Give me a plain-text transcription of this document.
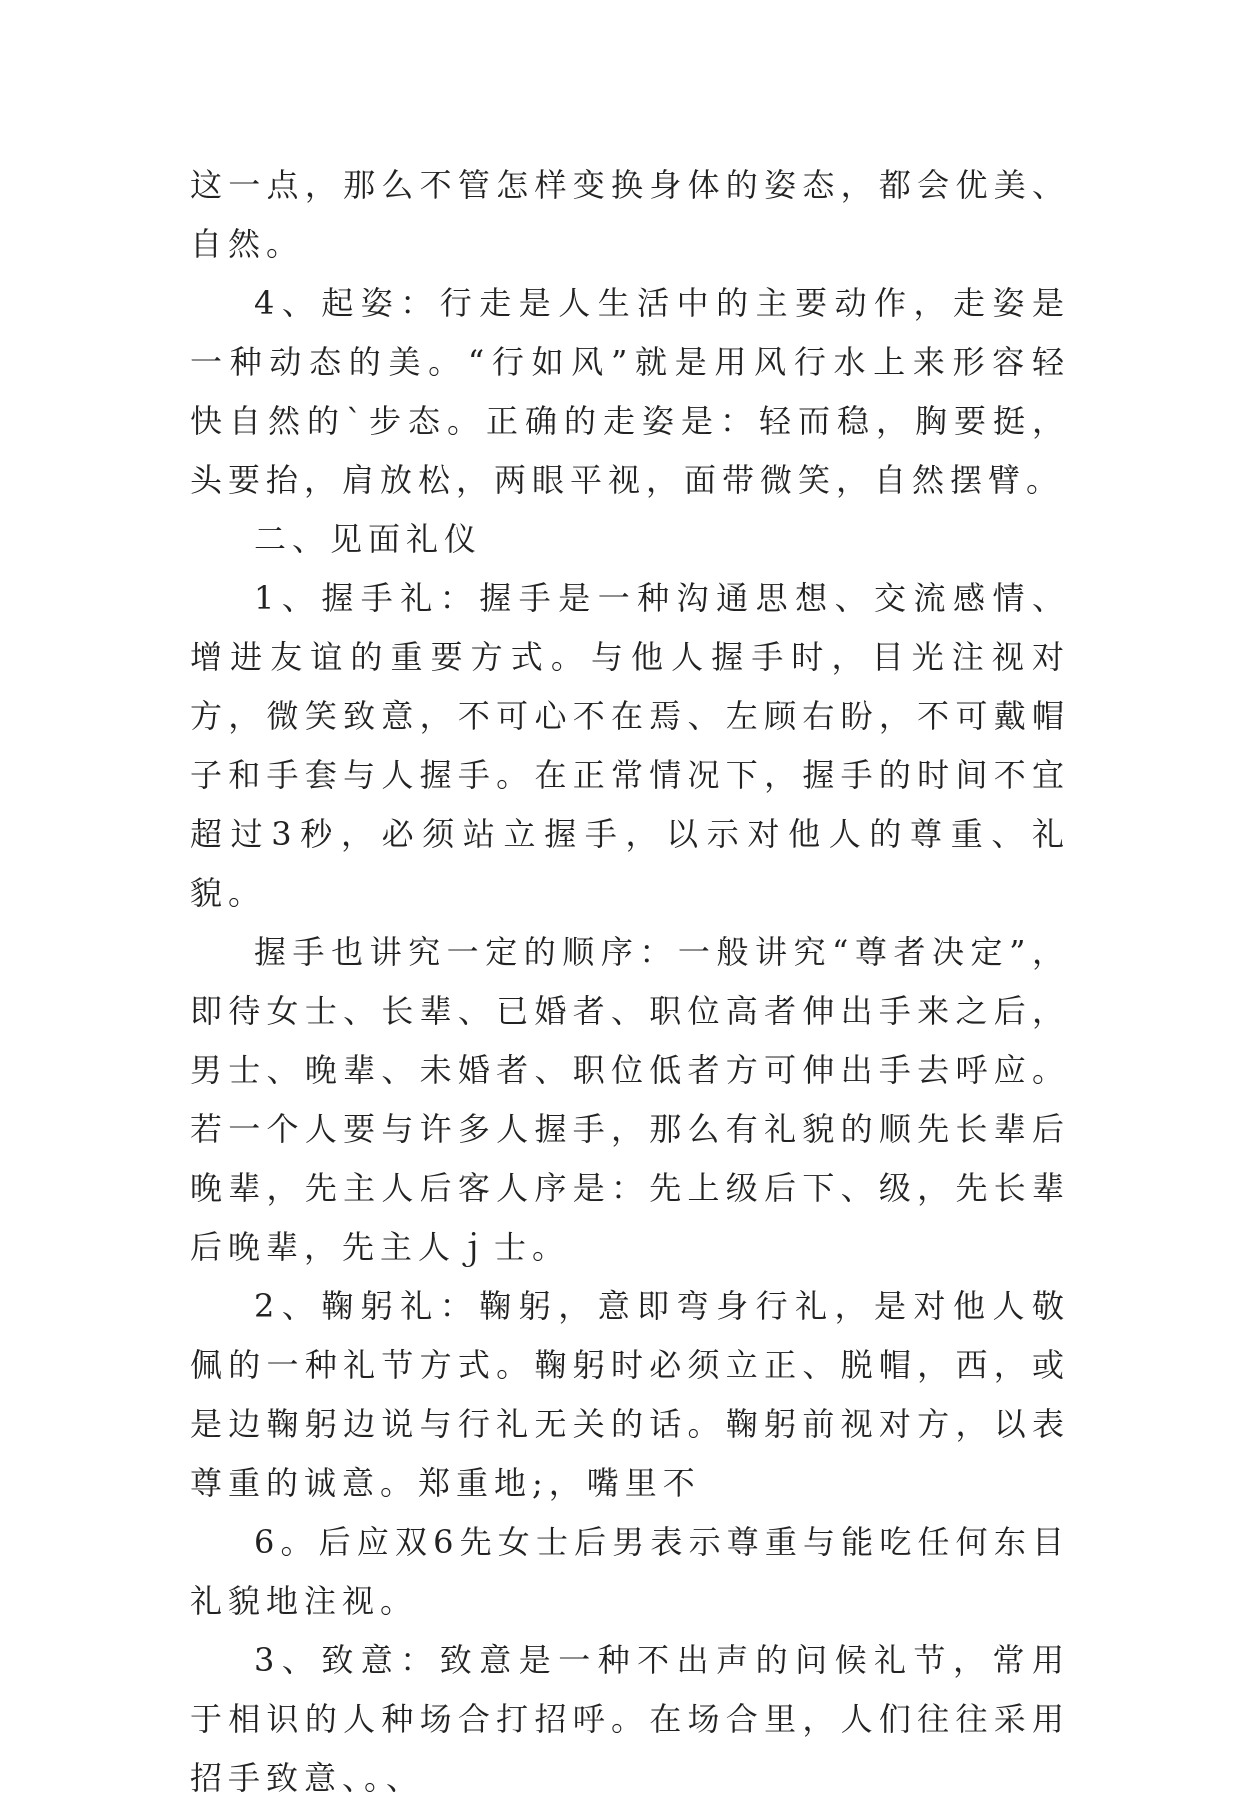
这一点，那么不管怎样变换身体的姿态，都会优美、自然。

4、起姿：行走是人生活中的主要动作，走姿是一种动态的美。“行如风”就是用风行水上来形容轻快自然的`步态。正确的走姿是：轻而稳，胸要挺，头要抬，肩放松，两眼平视，面带微笑，自然摆臂。

二、见面礼仪

1、握手礼：握手是一种沟通思想、交流感情、增进友谊的重要方式。与他人握手时，目光注视对方，微笑致意，不可心不在焉、左顾右盼，不可戴帽子和手套与人握手。在正常情况下，握手的时间不宜超过3秒，必须站立握手，以示对他人的尊重、礼貌。

握手也讲究一定的顺序：一般讲究“尊者决定”，即待女士、长辈、已婚者、职位高者伸出手来之后，男士、晚辈、未婚者、职位低者方可伸出手去呼应。若一个人要与许多人握手，那么有礼貌的顺先长辈后晚辈，先主人后客人序是：先上级后下、级，先长辈后晚辈，先主人ｊ士。

2、鞠躬礼：鞠躬，意即弯身行礼，是对他人敬佩的一种礼节方式。鞠躬时必须立正、脱帽，西，或是边鞠躬边说与行礼无关的话。鞠躬前视对方，以表尊重的诚意。郑重地;，嘴里不

6。后应双6先女士后男表示尊重与能吃任何东目礼貌地注视。

3、致意：致意是一种不出声的问候礼节，常用于相识的人种场合打招呼。在场合里，人们往往采用招手致意、。、
